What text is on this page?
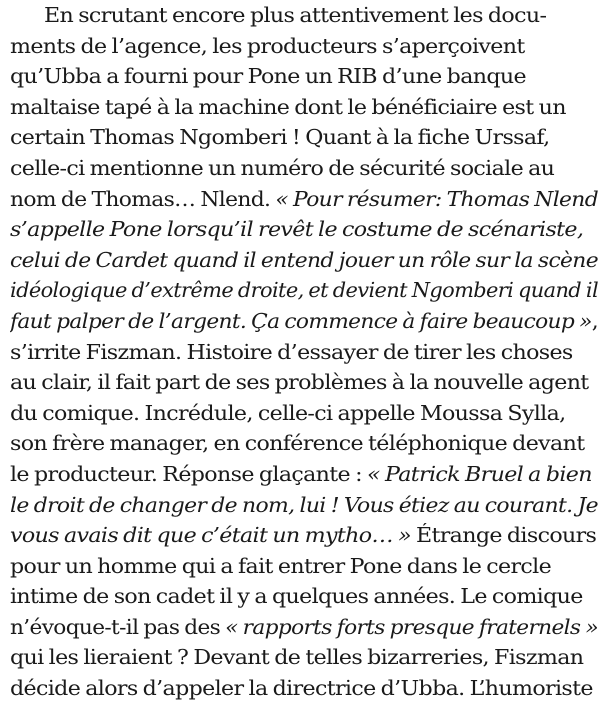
En scrutant encore plus attentivement les docu-
ments de l’agence, les producteurs s’aperçoivent
qu’Ubba a fourni pour Pone un RIB d’une banque
maltaise tapé à la machine dont le bénéficiaire est un
certain Thomas Ngomberi ! Quant à la fiche Urssaf,
celle-ci mentionne un numéro de sécurité sociale au
nom de Thomas… Nlend. « Pour résumer: Thomas Nlend
s’appelle Pone lorsqu’il revêt le costume de scénariste,
celui de Cardet quand il entend jouer un rôle sur la scène
idéologique d’extrême droite, et devient Ngomberi quand il
faut palper de l’argent. Ça commence à faire beaucoup »,
s’irrite Fiszman. Histoire d’essayer de tirer les choses
au clair, il fait part de ses problèmes à la nouvelle agent
du comique. Incrédule, celle-ci appelle Moussa Sylla,
son frère manager, en conférence téléphonique devant
le producteur. Réponse glaçante : « Patrick Bruel a bien
le droit de changer de nom, lui ! Vous étiez au courant. Je
vous avais dit que c’était un mytho… » Étrange discours
pour un homme qui a fait entrer Pone dans le cercle
intime de son cadet il y a quelques années. Le comique
n’évoque-t-il pas des « rapports forts presque fraternels »
qui les lieraient ? Devant de telles bizarreries, Fiszman
décide alors d’appeler la directrice d’Ubba. L’humoriste
